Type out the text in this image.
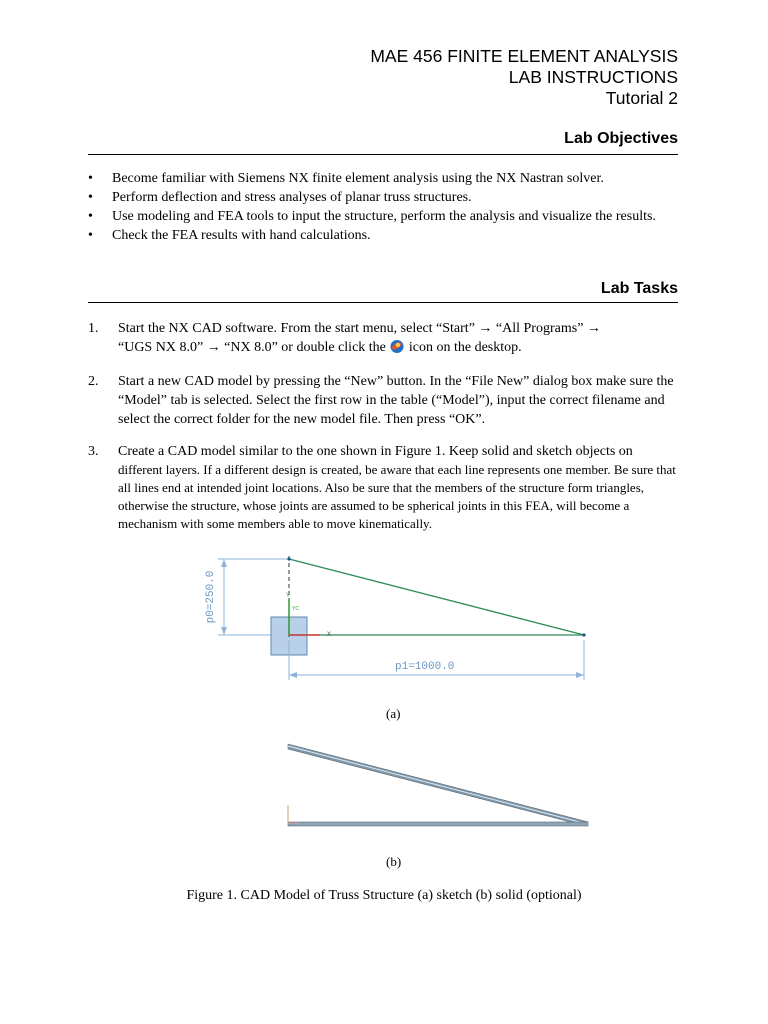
MAE 456 FINITE ELEMENT ANALYSIS
LAB INSTRUCTIONS
Tutorial 2
Lab Objectives
• Become familiar with Siemens NX finite element analysis using the NX Nastran solver.
• Perform deflection and stress analyses of planar truss structures.
• Use modeling and FEA tools to input the structure, perform the analysis and visualize the results.
• Check the FEA results with hand calculations.
Lab Tasks
1. Start the NX CAD software. From the start menu, select “Start” → “All Programs” →
“UGS NX 8.0” → “NX 8.0” or double click the  icon on the desktop.
2. Start a new CAD model by pressing the “New” button. In the “File New” dialog box make sure the “Model” tab is selected. Select the first row in the table (“Model”), input the correct filename and select the correct folder for the new model file. Then press “OK”.
3. Create a CAD model similar to the one shown in Figure 1. Keep solid and sketch objects on
different layers. If a different design is created, be aware that each line represents one member. Be sure that all lines end at intended joint locations. Also be sure that the members of the structure form triangles, otherwise the structure, whose joints are assumed to be spherical joints in this FEA, will become a mechanism with some members able to move kinematically.
p0=250.0	Y
YC
X
p1=1000.0
(a)
(b)
Figure 1. CAD Model of Truss Structure (a) sketch (b) solid (optional)
